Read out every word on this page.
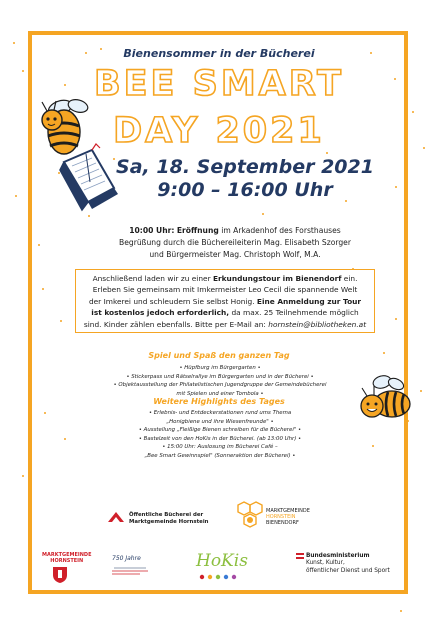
Bienensommer in der Bücherei
BEE SMART
DAY 2021
Sa, 18. September 2021
9:00 – 16:00 Uhr
10:00 Uhr: Eröffnung im Arkadenhof des Forsthauses
Begrüßung durch die Büchereileiterin Mag. Elisabeth Szorger
und Bürgermeister Mag. Christoph Wolf, M.A.
Anschließend laden wir zu einer Erkundungstour im Bienendorf ein.
Erleben Sie gemeinsam mit Imkermeister Leo Cecil die spannende Welt
der Imkerei und schleudern Sie selbst Honig. Eine Anmeldung zur Tour
ist kostenlos jedoch erforderlich, da max. 25 Teilnehmende möglich
sind. Kinder zählen ebenfalls. Bitte per E-Mail an: hornstein@bibliotheken.at
Spiel und Spaß den ganzen Tag
• Hüpfburg im Bürgergarten •
• Stickerpass und Rätselrallye im Bürgergarten und in der Bücherei •
• Objektausstellung der Philatelistischen Jugendgruppe der Gemeindebücherei
mit Spielen und einer Tombola •
Weitere Highlights des Tages
• Erlebnis- und Entdeckerstationen rund ums Thema
„Honigbiene und ihre Wiesenfreunde" •
• Ausstellung „Fleißige Bienen schreiben für die Bücherei" •
• Bastelzeit von den HoKis in der Bücherei. (ab 13:00 Uhr) •
• 15:00 Uhr: Auslosung im Bücherei Café –
„Bee Smart Gewinnspiel" (Sonneraktion der Bücherei) •
Öffentliche Bücherei der
Marktgemeinde Hornstein
MARKTGEMEINDE
HORNSTEIN
BIENENDORF
MARKTGEMEINDE
HORNSTEIN	750 Jahre	HoKis	Bundesministerium
Kunst, Kultur,
öffentlicher Dienst und Sport
